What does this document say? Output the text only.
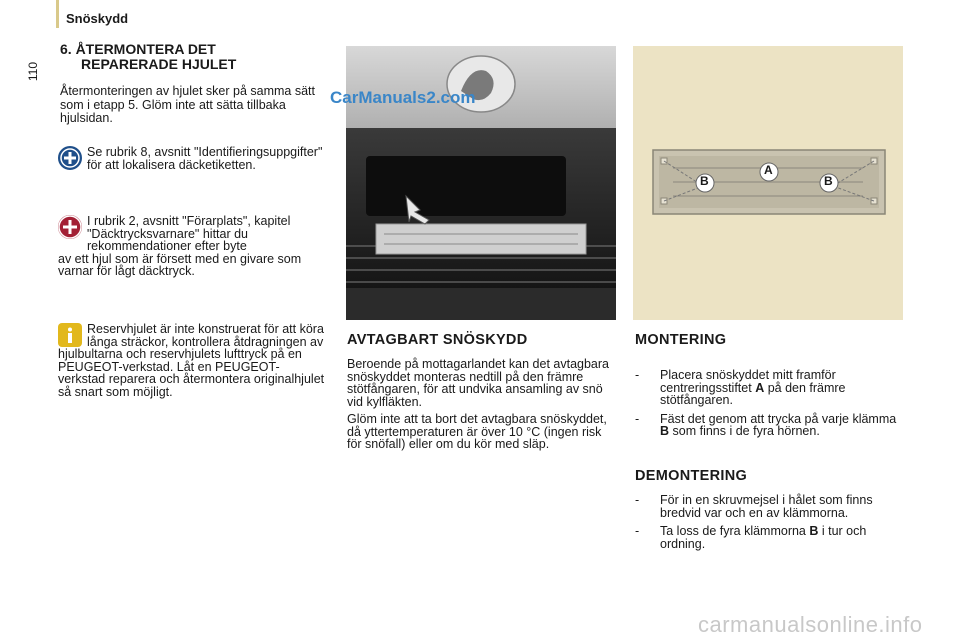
Snöskydd
110
6. ÅTERMONTERA DET
REPARERADE HJULET
Återmonteringen av hjulet sker på samma sätt som i etapp 5. Glöm inte att sätta tillbaka hjulsidan.
Se rubrik 8, avsnitt "Identifieringsuppgifter" för att lokalisera däcketiketten.
I rubrik 2, avsnitt "Förarplats", kapitel "Däcktrycksvarnare" hittar du rekommendationer efter byte
av ett hjul som är försett med en givare som varnar för lågt däcktryck.
Reservhjulet är inte konstruerat för att köra långa sträckor, kontrollera åtdragningen av
hjulbultarna och reservhjulets lufttryck på en PEUGEOT-verkstad. Låt en PEUGEOT-verkstad reparera och återmontera originalhjulet så snart som möjligt.
CarManuals2.com
AVTAGBART SNÖSKYDD

Beroende på mottagarlandet kan det avtagbara snöskyddet monteras nedtill på den främre stötfångaren, för att undvika ansamling av snö vid kylfläkten.

Glöm inte att ta bort det avtagbara snöskyddet, då yttertemperaturen är över 10 °C (ingen risk för snöfall) eller om du kör med släp.

A
B	B
MONTERING
- Placera snöskyddet mitt framför centreringsstiftet A på den främre stötfångaren.
- Fäst det genom att trycka på varje klämma B som finns i de fyra hörnen.
DEMONTERING
- För in en skruvmejsel i hålet som finns bredvid var och en av klämmorna.
- Ta loss de fyra klämmorna B i tur och ordning.
carmanualsonline.info
